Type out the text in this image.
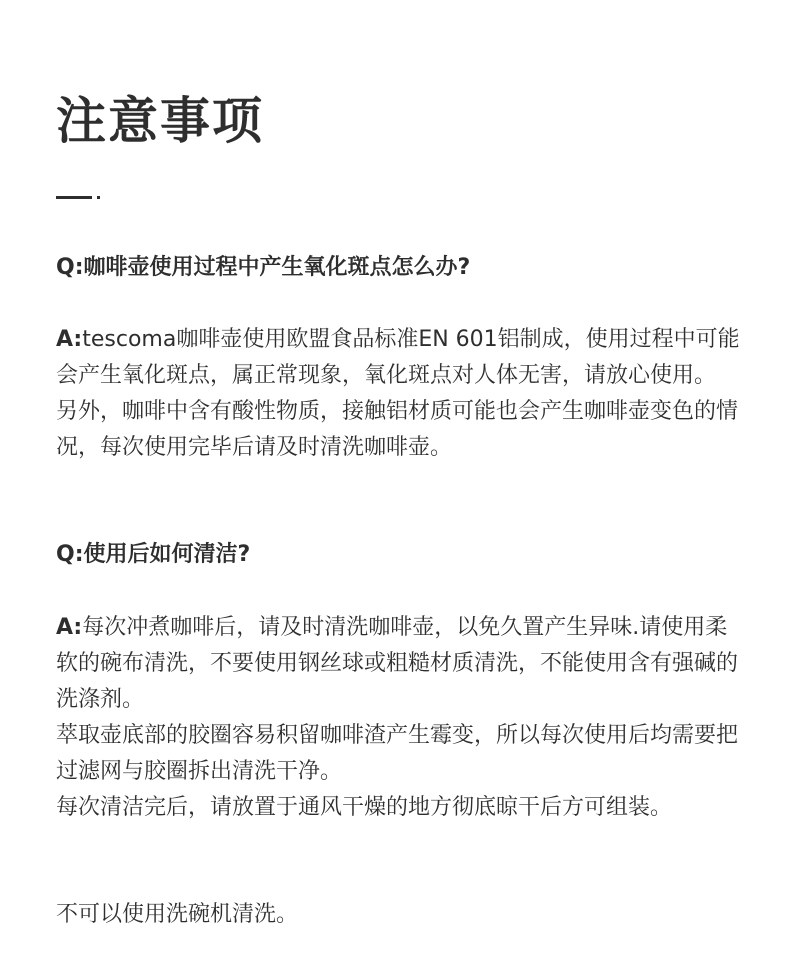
注意事项
Q:咖啡壶使用过程中产生氧化斑点怎么办?

A:tescoma咖啡壶使用欧盟食品标准EN 601铝制成，使用过程中可能会产生氧化斑点，属正常现象，氧化斑点对人体无害，请放心使用。

另外，咖啡中含有酸性物质，接触铝材质可能也会产生咖啡壶变色的情况，每次使用完毕后请及时清洗咖啡壶。

Q:使用后如何清洁?

A:每次冲煮咖啡后，请及时清洗咖啡壶，以免久置产生异味.请使用柔软的碗布清洗，不要使用钢丝球或粗糙材质清洗，不能使用含有强碱的洗涤剂。

萃取壶底部的胶圈容易积留咖啡渣产生霉变，所以每次使用后均需要把过滤网与胶圈拆出清洗干净。

每次清洁完后，请放置于通风干燥的地方彻底晾干后方可组装。

不可以使用洗碗机清洗。
